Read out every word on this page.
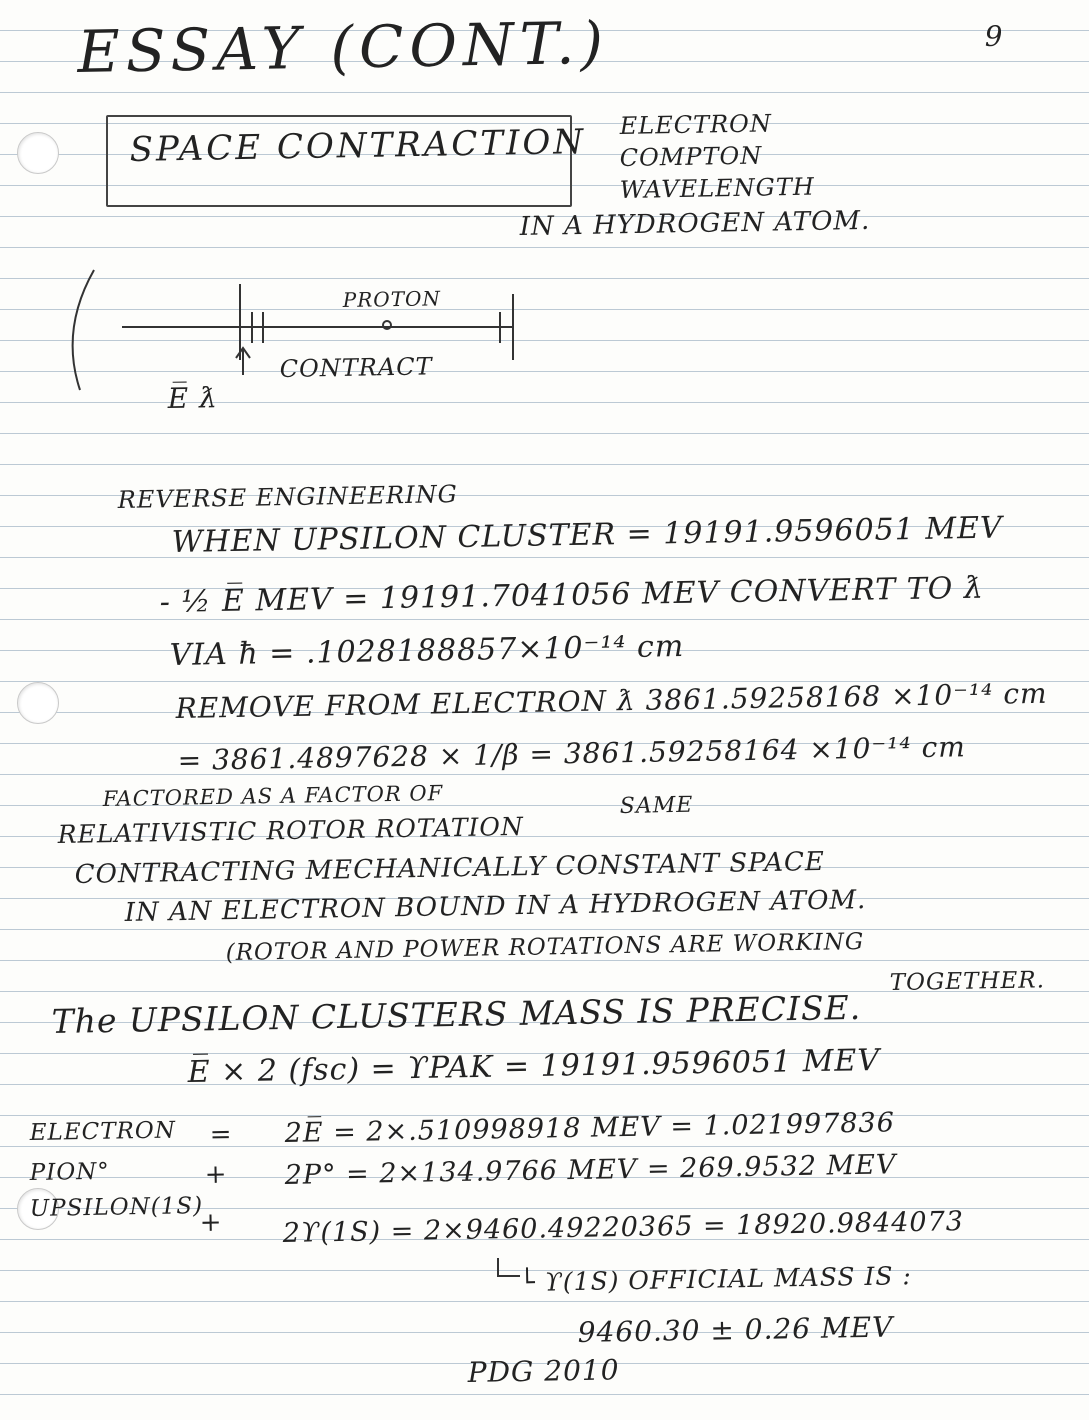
ESSAY (CONT.)	9
SPACE CONTRACTION ELECTRON
COMPTON
WAVELENGTH
IN A HYDROGEN ATOM.
PROTON
CONTRACT
E̅ ƛ
REVERSE ENGINEERING
WHEN UPSILON CLUSTER = 19191.9596051 MEV
- ½ E̅ MEV = 19191.7041056 MEV CONVERT TO ƛ
VIA ħ = .1028188857×10⁻¹⁴ cm
REMOVE FROM ELECTRON ƛ 3861.59258168 ×10⁻¹⁴ cm
= 3861.4897628 × 1/β = 3861.59258164 ×10⁻¹⁴ cm
FACTORED AS A FACTOR OF	SAME
RELATIVISTIC ROTOR ROTATION
CONTRACTING MECHANICALLY CONSTANT SPACE
IN AN ELECTRON BOUND IN A HYDROGEN ATOM.
(ROTOR AND POWER ROTATIONS ARE WORKING
TOGETHER.
The UPSILON CLUSTERS MASS IS PRECISE.
E̅ × 2 (fsc) = ϒPAK = 19191.9596051 MEV
ELECTRON
PION°
UPSILON(1S)
=
+
+
2E̅ = 2×.510998918 MEV = 1.021997836
2P° = 2×134.9766 MEV = 269.9532 MEV
2ϒ(1S) = 2×9460.49220365 = 18920.9844073
└ ϒ(1S) OFFICIAL MASS IS :
9460.30 ± 0.26 MEV
PDG 2010
